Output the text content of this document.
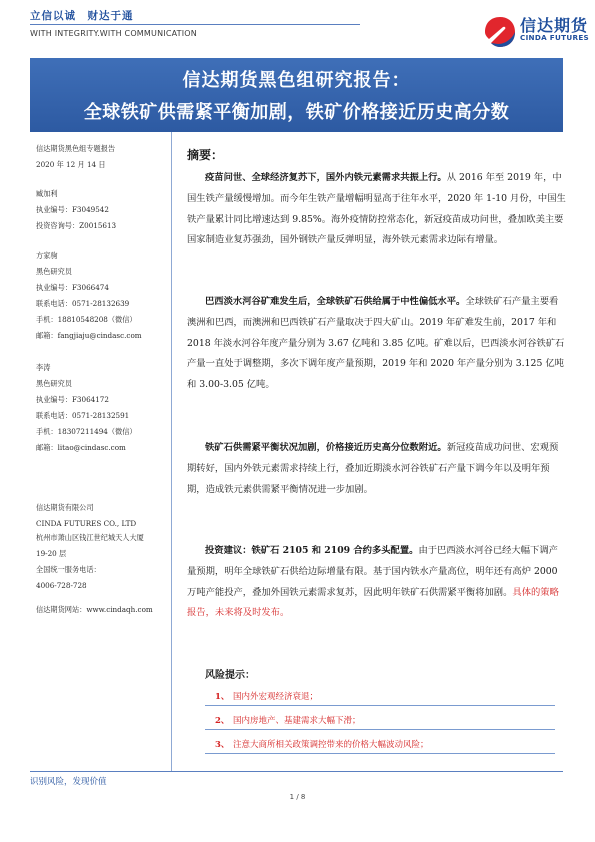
立信以诚　财达于通
WITH INTEGRITY.WITH COMMUNICATION	信达期货
CINDA FUTURES
信达期货黑色组研究报告：
全球铁矿供需紧平衡加剧，铁矿价格接近历史高分数
信达期货黑色组专题报告
2020 年 12 月 14 日
臧加利
执业编号：F3049542
投资咨询号：Z0015613
方家驹
黑色研究员
执业编号：F3066474
联系电话：0571-28132639
手机：18810548208（微信）
邮箱：fangjiaju@cindasc.com
李涛
黑色研究员
执业编号：F3064172
联系电话：0571-28132591
手机：18307211494（微信）
邮箱：litao@cindasc.com
信达期货有限公司
CINDA FUTURES CO., LTD
杭州市萧山区钱江世纪城天人大厦
19-20 层
全国统一服务电话：
4006-728-728
信达期货网站：www.cindaqh.com
摘要：
疫苗问世、全球经济复苏下，国外内铁元素需求共振上行。从 2016 年至 2019 年，中国生铁产量缓慢增加。而今年生铁产量增幅明显高于往年水平，2020 年 1-10 月份，中国生铁产量累计同比增速达到 9.85%。海外疫情防控常态化，新冠疫苗成功问世，叠加欧美主要国家制造业复苏强劲，国外钢铁产量反弹明显，海外铁元素需求边际有增量。
巴西淡水河谷矿难发生后，全球铁矿石供给属于中性偏低水平。全球铁矿石产量主要看澳洲和巴西，而澳洲和巴西铁矿石产量取决于四大矿山。2019 年矿难发生前，2017 年和 2018 年淡水河谷年度产量分别为 3.67 亿吨和 3.85 亿吨。矿难以后，巴西淡水河谷铁矿石产量一直处于调整期，多次下调年度产量预期，2019 年和 2020 年产量分别为 3.125 亿吨和 3.00-3.05 亿吨。
铁矿石供需紧平衡状况加剧，价格接近历史高分位数附近。新冠疫苗成功问世、宏观预期转好，国内外铁元素需求持续上行，叠加近期淡水河谷铁矿石产量下调今年以及明年预期，造成铁元素供需紧平衡情况进一步加剧。
投资建议：铁矿石 2105 和 2109 合约多头配置。由于巴西淡水河谷已经大幅下调产量预期，明年全球铁矿石供给边际增量有限。基于国内铁水产量高位，明年还有高炉 2000 万吨产能投产，叠加外国铁元素需求复苏，因此明年铁矿石供需紧平衡将加剧。具体的策略报告，未来将及时发布。
风险提示：
1、 国内外宏观经济衰退；
2、 国内房地产、基建需求大幅下滑；
3、 注意大商所相关政策调控带来的价格大幅波动风险；
识别风险，发现价值
1 / 8
